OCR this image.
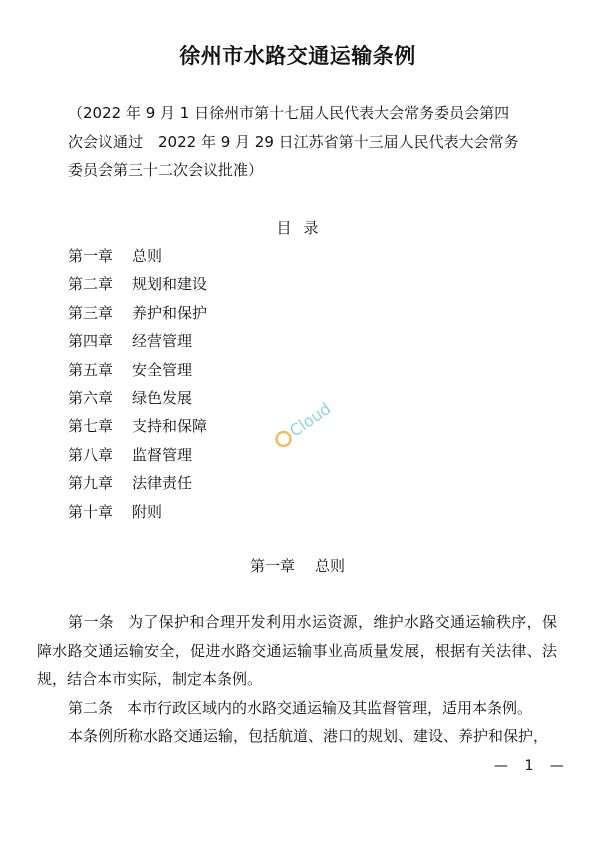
徐州市水路交通运输条例
（2022 年 9 月 1 日徐州市第十七届人民代表大会常务委员会第四
次会议通过　2022 年 9 月 29 日江苏省第十三届人民代表大会常务
委员会第三十二次会议批准）
目录
第一章 总则
第二章 规划和建设
第三章 养护和保护
第四章 经营管理
第五章 安全管理
第六章 绿色发展
第七章 支持和保障
第八章 监督管理
第九章 法律责任
第十章 附则
第一章 总则

第一条 为了保护和合理开发利用水运资源，维护水路交通运输秩序，保障水路交通运输安全，促进水路交通运输事业高质量发展，根据有关法律、法规，结合本市实际，制定本条例。

第二条 本市行政区域内的水路交通运输及其监督管理，适用本条例。

本条例所称水路交通运输，包括航道、港口的规划、建设、养护和保护，

— 1 —
Cloud
